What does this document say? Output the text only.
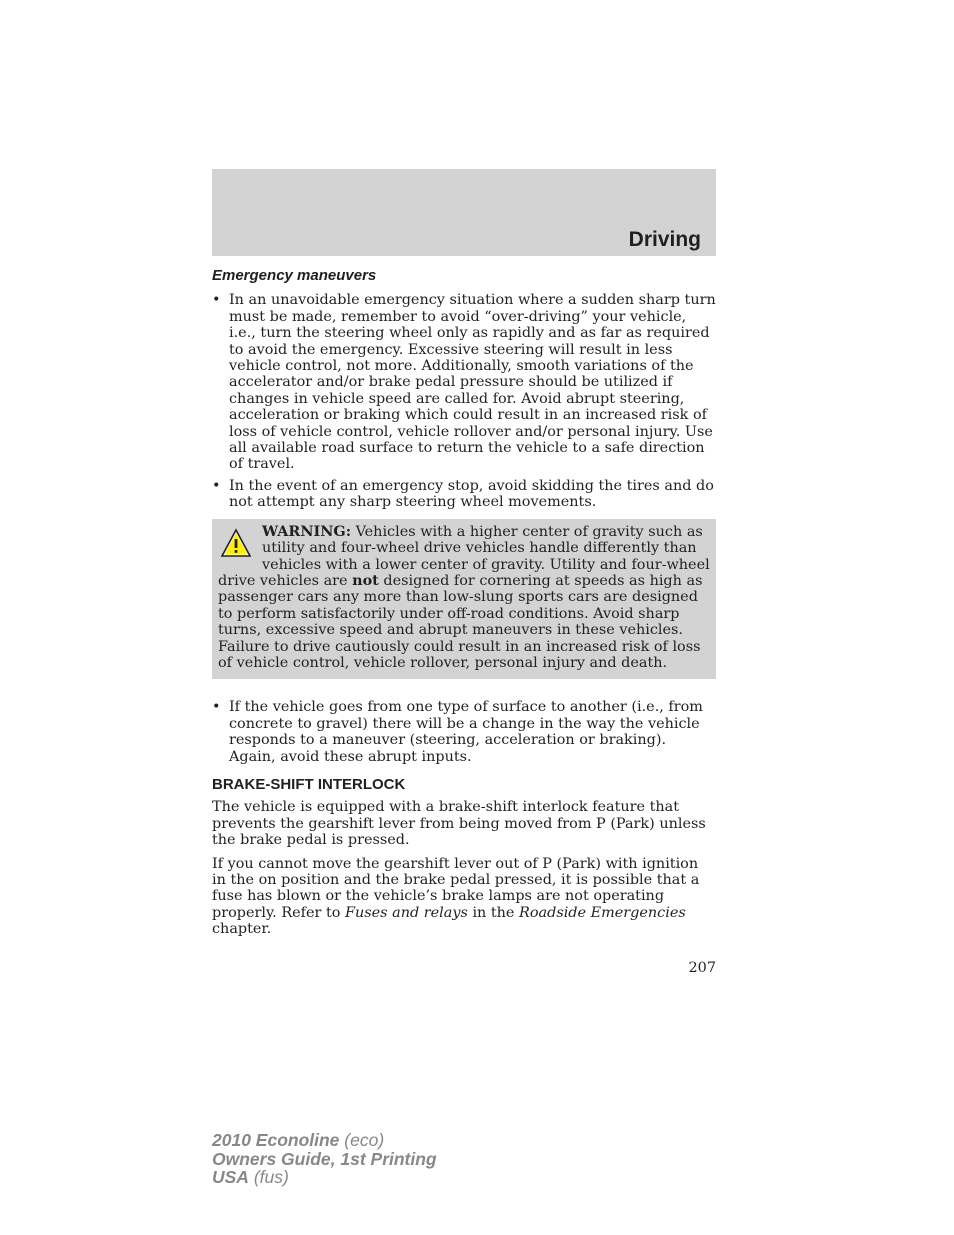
Driving
Emergency maneuvers
• In an unavoidable emergency situation where a sudden sharp turn must be made, remember to avoid “over-driving” your vehicle, i.e., turn the steering wheel only as rapidly and as far as required to avoid the emergency. Excessive steering will result in less vehicle control, not more. Additionally, smooth variations of the accelerator and/or brake pedal pressure should be utilized if changes in vehicle speed are called for. Avoid abrupt steering, acceleration or braking which could result in an increased risk of loss of vehicle control, vehicle rollover and/or personal injury. Use all available road surface to return the vehicle to a safe direction of travel.
• In the event of an emergency stop, avoid skidding the tires and do not attempt any sharp steering wheel movements.
WARNING: Vehicles with a higher center of gravity such as utility and four-wheel drive vehicles handle differently than vehicles with a lower center of gravity. Utility and four-wheel drive vehicles are not designed for cornering at speeds as high as passenger cars any more than low-slung sports cars are designed to perform satisfactorily under off-road conditions. Avoid sharp turns, excessive speed and abrupt maneuvers in these vehicles. Failure to drive cautiously could result in an increased risk of loss of vehicle control, vehicle rollover, personal injury and death.
• If the vehicle goes from one type of surface to another (i.e., from concrete to gravel) there will be a change in the way the vehicle responds to a maneuver (steering, acceleration or braking). Again, avoid these abrupt inputs.
BRAKE-SHIFT INTERLOCK

The vehicle is equipped with a brake-shift interlock feature that prevents the gearshift lever from being moved from P (Park) unless the brake pedal is pressed.

If you cannot move the gearshift lever out of P (Park) with ignition in the on position and the brake pedal pressed, it is possible that a fuse has blown or the vehicle’s brake lamps are not operating properly. Refer to Fuses and relays in the Roadside Emergencies chapter.

207
2010 Econoline (eco)
Owners Guide, 1st Printing
USA (fus)
